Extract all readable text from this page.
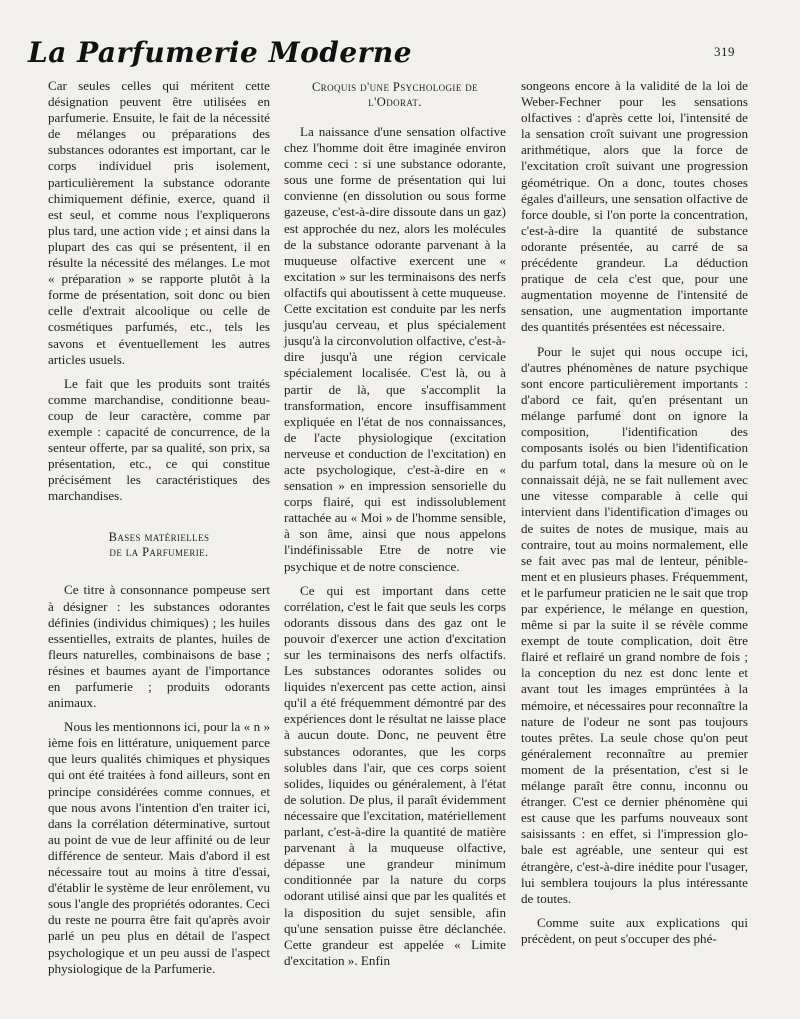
La Parfumerie Moderne	319

Car seules celles qui méritent cette désignation peuvent être utilisées en parfumerie. Ensuite, le fait de la nécessité de mélanges ou préparations des substances odorantes est important, car le corps individuel pris isolement, particulièrement la substance odorante chimiquement définie, exerce, quand il est seul, et comme nous l'expliquerons plus tard, une action vide ; et ainsi dans la plupart des cas qui se présentent, il en résulte la nécessité des mélanges. Le mot « préparation » se rapporte plutôt à la forme de présentation, soit donc ou bien celle d'extrait alcoolique ou celle de cosmétiques parfumés, etc., tels les savons et éventuellement les autres articles usuels.

Le fait que les produits sont traités comme marchandise, conditionne beaucoup de leur caractère, comme par exemple : capacité de concurrence, de la senteur offerte, par sa qualité, son prix, sa présentation, etc., ce qui constitue précisément les caractéristiques des marchandises.

Bases matérielles
de la Parfumerie.

Ce titre à consonnance pompeuse sert à désigner : les substances odorantes définies (individus chimiques) ; les huiles essentielles, extraits de plantes, huiles de fleurs naturelles, combinaisons de base ; résines et baumes ayant de l'importance en parfumerie ; produits odorants animaux.

Nous les mentionnons ici, pour la « n » ième fois en littérature, uniquement parce que leurs qualités chimiques et physiques qui ont été traitées à fond ailleurs, sont en principe considérées comme connues, et que nous avons l'intention d'en traiter ici, dans la corrélation déterminative, surtout au point de vue de leur affinité ou de leur différence de senteur. Mais d'abord il est nécessaire tout au moins à titre d'essai, d'établir le système de leur enrôlement, vu sous l'angle des propriétés odorantes. Ceci du reste ne pourra être fait qu'après avoir parlé un peu plus en détail de l'aspect psychologique et un peu aussi de l'aspect physiologique de la Parfumerie.

Croquis d'une Psychologie de
l'Odorat.

La naissance d'une sensation olfactive chez l'homme doit être imaginée environ comme ceci : si une substance odorante, sous une forme de présentation qui lui convienne (en dissolution ou sous forme gazeuse, c'est-à-dire dissoute dans un gaz) est approchée du nez, alors les molécules de la substance odorante parvenant à la muqueuse olfactive exercent une « excitation » sur les terminaisons des nerfs olfactifs qui aboutissent à cette muqueuse. Cette excitation est conduite par les nerfs jusqu'au cerveau, et plus spécialement jusqu'à la circonvolution olfactive, c'est-à-dire jusqu'à une région cervicale spécialement localisée. C'est là, ou à partir de là, que s'accomplit la transformation, encore insuffisamment expliquée en l'état de nos connaissances, de l'acte physiologique (excitation nerveuse et conduction de l'excitation) en acte psychologique, c'est-à-dire en « sensation » en impression sensorielle du corps flairé, qui est indissolublement rattachée au « Moi » de l'homme sensible, à son âme, ainsi que nous appelons l'indéfinissable Etre de notre vie psychique et de notre conscience.

Ce qui est important dans cette corrélation, c'est le fait que seuls les corps odorants dissous dans des gaz ont le pouvoir d'exercer une action d'excitation sur les terminaisons des nerfs olfactifs. Les substances odorantes solides ou liquides n'exercent pas cette action, ainsi qu'il a été fréquemment démontré par des expériences dont le résultat ne laisse place à aucun doute. Donc, ne peuvent être substances odorantes, que les corps solubles dans l'air, que ces corps soient solides, liquides ou généralement, à l'état de solution. De plus, il paraît évidemment nécessaire que l'excitation, matériellement parlant, c'est-à-dire la quantité de matière parvenant à la muqueuse olfactive, dépasse une grandeur minimum conditionnée par la nature du corps odorant utilisé ainsi que par les qualités et la disposition du sujet sensible, afin qu'une sensation puisse être déclanchée. Cette grandeur est appelée « Limite d'excitation ». Enfin

songeons encore à la validité de la loi de Weber-Fechner pour les sensations olfactives : d'après cette loi, l'intensité de la sensation croît suivant une progression arithmétique, alors que la force de l'excitation croît suivant une progression géométrique. On a donc, toutes choses égales d'ailleurs, une sensation olfactive de force double, si l'on porte la concentration, c'est-à-dire la quantité de substance odorante présentée, au carré de sa précédente grandeur. La déduction pratique de cela c'est que, pour une augmentation moyenne de l'intensité de sensation, une augmentation importante des quantités présentées est nécessaire.

Pour le sujet qui nous occupe ici, d'autres phénomènes de nature psychique sont encore particulièrement importants : d'abord ce fait, qu'en présentant un mélange parfumé dont on ignore la composition, l'identification des composants isolés ou bien l'identification du parfum total, dans la mesure où on le connaissait déjà, ne se fait nullement avec une vitesse comparable à celle qui intervient dans l'identification d'images ou de suites de notes de musique, mais au contraire, tout au moins normalement, elle se fait avec pas mal de lenteur, péniblement et en plusieurs phases. Fréquemment, et le parfumeur praticien ne le sait que trop par expérience, le mélange en question, même si par la suite il se révèle comme exempt de toute complication, doit être flairé et reflairé un grand nombre de fois ; la conception du nez est donc lente et avant tout les images emprüntées à la mémoire, et nécessaires pour reconnaître la nature de l'odeur ne sont pas toujours toutes prêtes. La seule chose qu'on peut généralement reconnaître au premier moment de la présentation, c'est si le mélange paraît être connu, inconnu ou étranger. C'est ce dernier phénomène qui est cause que les parfums nouveaux sont saisissants : en effet, si l'impression globale est agréable, une senteur qui est étrangère, c'est-à-dire inédite pour l'usager, lui semblera toujours la plus intéressante de toutes.

Comme suite aux explications qui précèdent, on peut s'occuper des phé-
